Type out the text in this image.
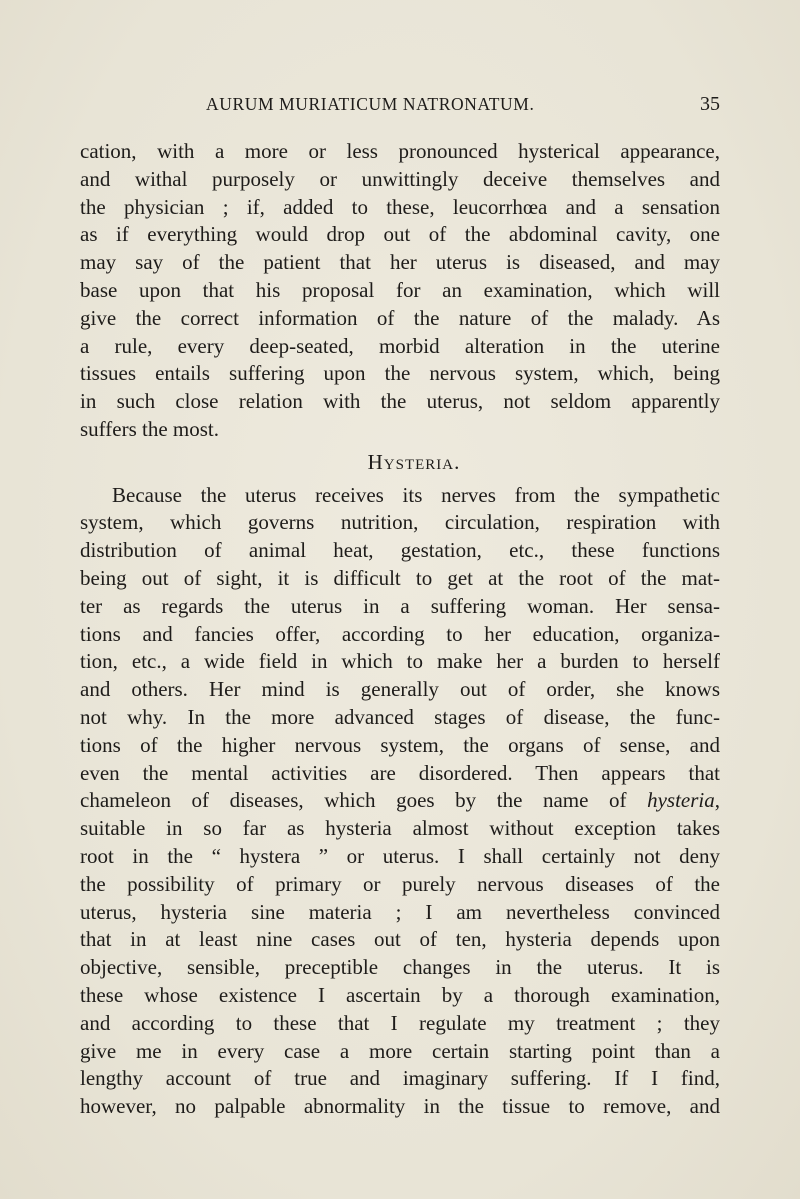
AURUM MURIATICUM NATRONATUM.	35
cation, with a more or less pronounced hysterical appearance,
and withal purposely or unwittingly deceive themselves and
the physician ; if, added to these, leucorrhœa and a sensation
as if everything would drop out of the abdominal cavity, one
may say of the patient that her uterus is diseased, and may
base upon that his proposal for an examination, which will
give the correct information of the nature of the malady. As
a rule, every deep-seated, morbid alteration in the uterine
tissues entails suffering upon the nervous system, which, being
in such close relation with the uterus, not seldom apparently
suffers the most.
Hysteria.
Because the uterus receives its nerves from the sympathetic
system, which governs nutrition, circulation, respiration with
distribution of animal heat, gestation, etc., these functions
being out of sight, it is difficult to get at the root of the mat-
ter as regards the uterus in a suffering woman. Her sensa-
tions and fancies offer, according to her education, organiza-
tion, etc., a wide field in which to make her a burden to herself
and others. Her mind is generally out of order, she knows
not why. In the more advanced stages of disease, the func-
tions of the higher nervous system, the organs of sense, and
even the mental activities are disordered. Then appears that
chameleon of diseases, which goes by the name of hysteria,
suitable in so far as hysteria almost without exception takes
root in the “ hystera ” or uterus. I shall certainly not deny
the possibility of primary or purely nervous diseases of the
uterus, hysteria sine materia ; I am nevertheless convinced
that in at least nine cases out of ten, hysteria depends upon
objective, sensible, preceptible changes in the uterus. It is
these whose existence I ascertain by a thorough examination,
and according to these that I regulate my treatment ; they
give me in every case a more certain starting point than a
lengthy account of true and imaginary suffering. If I find,
however, no palpable abnormality in the tissue to remove, and
